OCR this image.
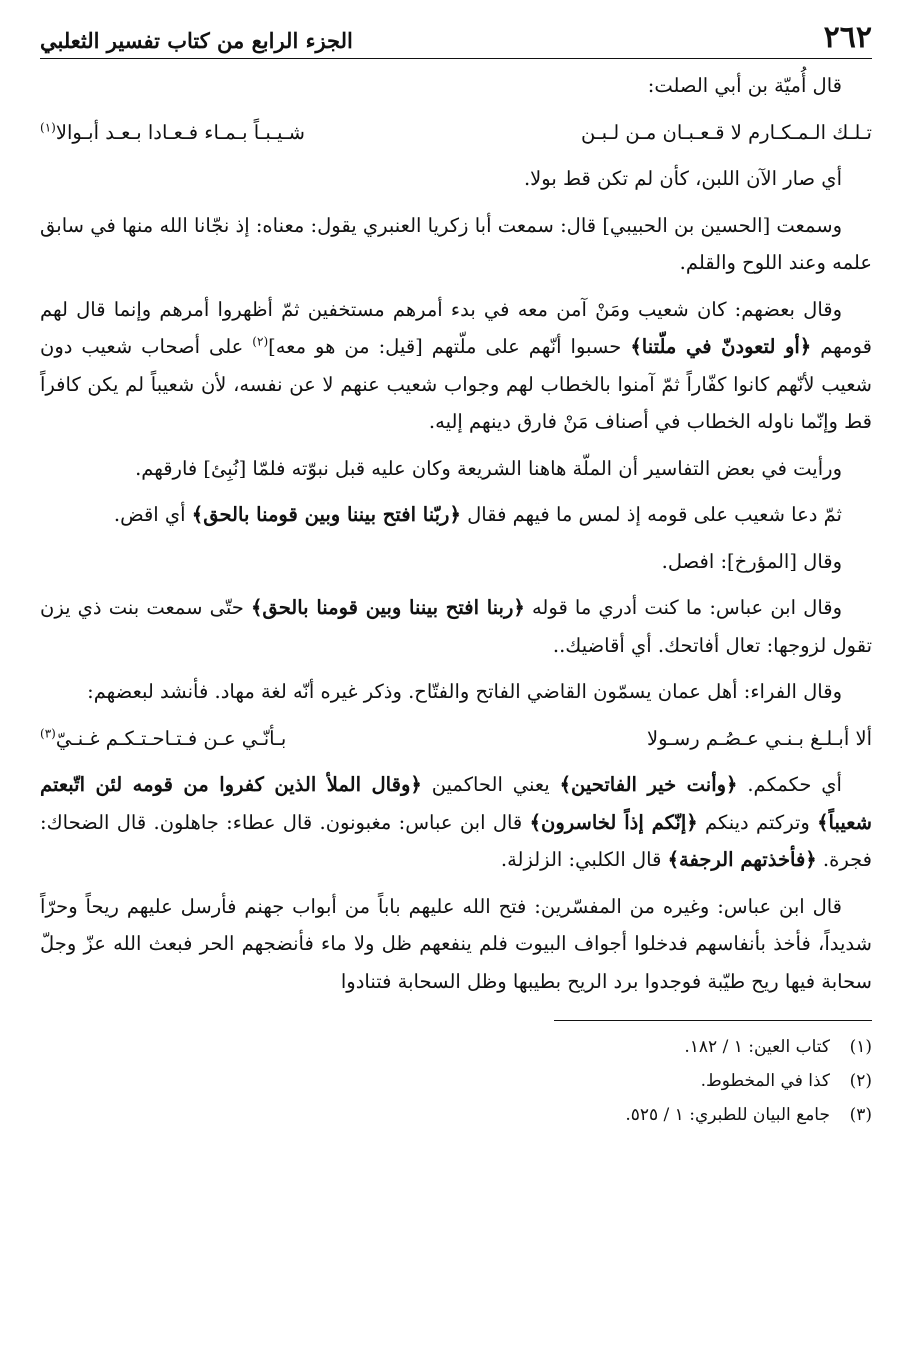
٢٦٢
الجزء الرابع من كتاب تفسير الثعلبي

قال أُميّة بن أبي الصلت:

تـلـك الـمـكـارم لا قـعـبـان مـن لـبـن
شـيـبـاً بـمـاء فـعـادا بـعـد أبـوالا$^{(١)}$

أي صار الآن اللبن، كأن لم تكن قط بولا.

وسمعت [الحسين بن الحبيبي] قال: سمعت أبا زكريا العنبري يقول: معناه: إذ نجّانا الله منها في سابق علمه وعند اللوح والقلم.

وقال بعضهم: كان شعيب ومَنْ آمن معه في بدء أمرهم مستخفين ثمّ أظهروا أمرهم وإنما قال لهم قومهم ﴿أو لتعودنّ في ملّتنا﴾ حسبوا أنّهم على ملّتهم [قيل: من هو معه]$^{(٢)}$ على أصحاب شعيب دون شعيب لأنّهم كانوا كفّاراً ثمّ آمنوا بالخطاب لهم وجواب شعيب عنهم لا عن نفسه، لأن شعيباً لم يكن كافراً قط وإنّما ناوله الخطاب في أصناف مَنْ فارق دينهم إليه.

ورأيت في بعض التفاسير أن الملّة هاهنا الشريعة وكان عليه قبل نبوّته فلمّا [نُبِئ] فارقهم.

ثمّ دعا شعيب على قومه إذ لمس ما فيهم فقال ﴿ربّنا افتح بيننا وبين قومنا بالحق﴾ أي اقض.

وقال [المؤرخ]: افصل.

وقال ابن عباس: ما كنت أدري ما قوله ﴿ربنا افتح بيننا وبين قومنا بالحق﴾ حتّى سمعت بنت ذي يزن تقول لزوجها: تعال أفاتحك. أي أقاضيك..

وقال الفراء: أهل عمان يسمّون القاضي الفاتح والفتّاح. وذكر غيره أنّه لغة مهاد. فأنشد لبعضهم:

ألا أبـلـغ بـنـي عـصُـم رسـولا
بـأنّـي عـن فـتـاحـتـكـم غـنـيّ$^{(٣)}$

أي حكمكم. ﴿وأنت خير الفاتحين﴾ يعني الحاكمين ﴿وقال الملأ الذين كفروا من قومه لئن اتّبعتم شعيباً﴾ وتركتم دينكم ﴿إنّكم إذاً لخاسرون﴾ قال ابن عباس: مغبونون. قال عطاء: جاهلون. قال الضحاك: فجرة. ﴿فأخذتهم الرجفة﴾ قال الكلبي: الزلزلة.

قال ابن عباس: وغيره من المفسّرين: فتح الله عليهم باباً من أبواب جهنم فأرسل عليهم ريحاً وحرّاً شديداً، فأخذ بأنفاسهم فدخلوا أجواف البيوت فلم ينفعهم ظل ولا ماء فأنضجهم الحر فبعث الله عزّ وجلّ سحابة فيها ريح طيّبة فوجدوا برد الريح بطيبها وظل السحابة فتنادوا

(١)
كتاب العين: ١ / ١٨٢.
(٢)
كذا في المخطوط.
(٣)
جامع البيان للطبري: ١ / ٥٢٥.
